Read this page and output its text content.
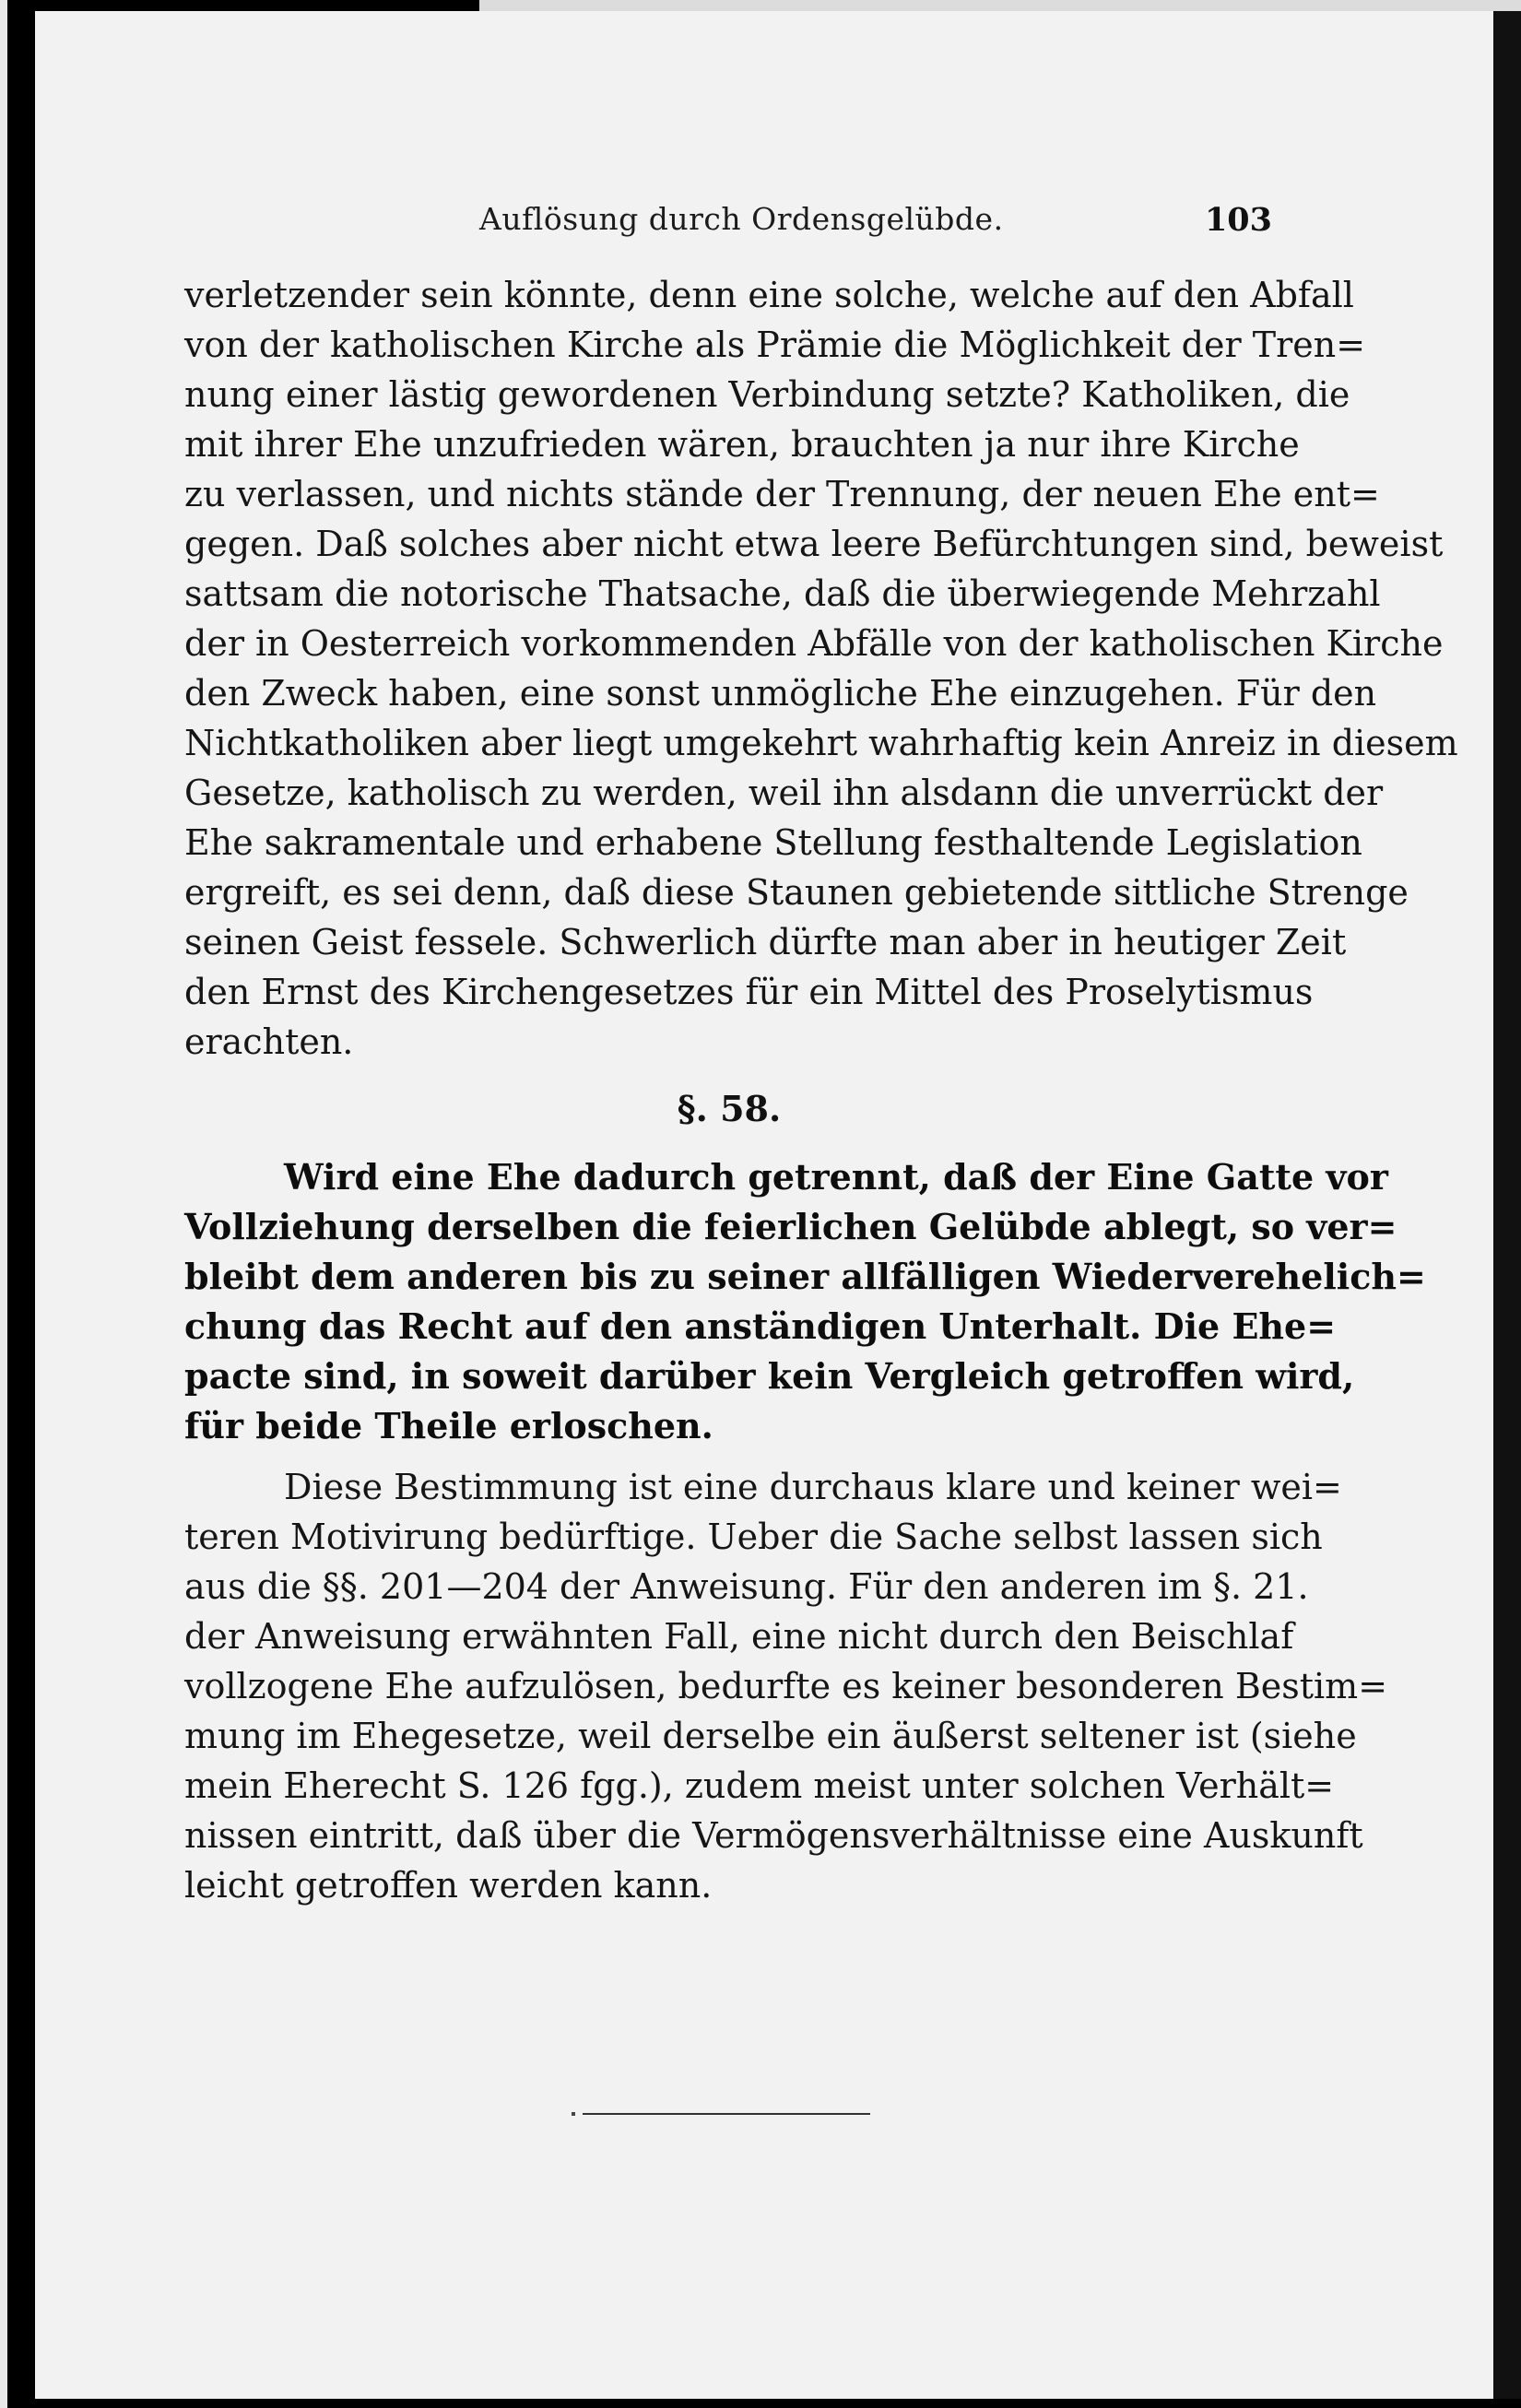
Auflösung durch Ordensgelübde.	103
verletzender sein könnte, denn eine solche, welche auf den Abfall
von der katholischen Kirche als Prämie die Möglichkeit der Tren=
nung einer lästig gewordenen Verbindung setzte? Katholiken, die
mit ihrer Ehe unzufrieden wären, brauchten ja nur ihre Kirche
zu verlassen, und nichts stände der Trennung, der neuen Ehe ent=
gegen. Daß solches aber nicht etwa leere Befürchtungen sind, beweist
sattsam die notorische Thatsache, daß die überwiegende Mehrzahl
der in Oesterreich vorkommenden Abfälle von der katholischen Kirche
den Zweck haben, eine sonst unmögliche Ehe einzugehen. Für den
Nichtkatholiken aber liegt umgekehrt wahrhaftig kein Anreiz in diesem
Gesetze, katholisch zu werden, weil ihn alsdann die unverrückt der
Ehe sakramentale und erhabene Stellung festhaltende Legislation
ergreift, es sei denn, daß diese Staunen gebietende sittliche Strenge
seinen Geist fessele. Schwerlich dürfte man aber in heutiger Zeit
den Ernst des Kirchengesetzes für ein Mittel des Proselytismus
erachten.
§. 58.
Wird eine Ehe dadurch getrennt, daß der Eine Gatte vor
Vollziehung derselben die feierlichen Gelübde ablegt, so ver=
bleibt dem anderen bis zu seiner allfälligen Wiederverehelich=
chung das Recht auf den anständigen Unterhalt. Die Ehe=
pacte sind, in soweit darüber kein Vergleich getroffen wird,
für beide Theile erloschen.
Diese Bestimmung ist eine durchaus klare und keiner wei=
teren Motivirung bedürftige. Ueber die Sache selbst lassen sich
aus die §§. 201—204 der Anweisung. Für den anderen im §. 21.
der Anweisung erwähnten Fall, eine nicht durch den Beischlaf
vollzogene Ehe aufzulösen, bedurfte es keiner besonderen Bestim=
mung im Ehegesetze, weil derselbe ein äußerst seltener ist (siehe
mein Eherecht S. 126 fgg.), zudem meist unter solchen Verhält=
nissen eintritt, daß über die Vermögensverhältnisse eine Auskunft
leicht getroffen werden kann.
